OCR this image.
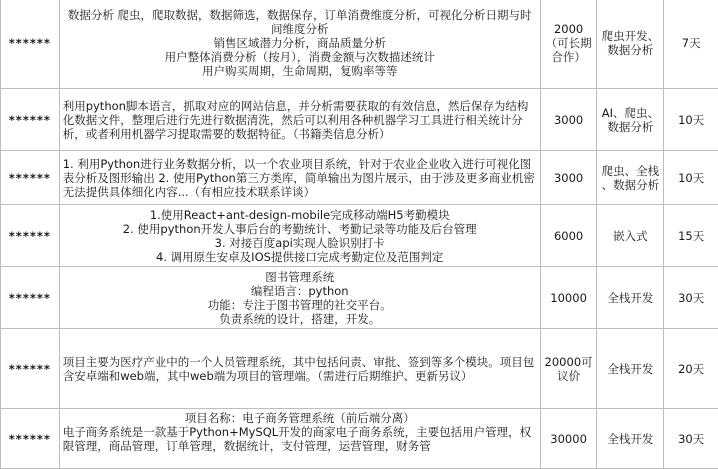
******	数据分析 爬虫，爬取数据，数据筛选，数据保存，订单消费维度分析，可视化分析日期与时间维度分析
销售区域潜力分析，商品质量分析
用户整体消费分析（按月），消费金额与次数描述统计
用户购买周期，生命周期，复购率等等	2000
（可长期
合作）	爬虫开发、
数据分析	7天
******	利用python脚本语言，抓取对应的网站信息，并分析需要获取的有效信息，然后保存为结构化数据文件，整理后进行先进行数据清洗，然后可以利用各种机器学习工具进行相关统计分析，或者利用机器学习提取需要的数据特征。（书籍类信息分析）	3000	AI、爬虫、
数据分析	10天
******	1. 利用Python进行业务数据分析，以一个农业项目系统，针对于农业企业收入进行可视化图表分析及图形输出 2. 使用Python第三方类库，简单输出为图片展示，由于涉及更多商业机密无法提供具体细化内容...（有相应技术联系详谈）	3000	爬虫、全栈
、数据分析	10天
******	1.使用React+ant-design-mobile完成移动端H5考勤模块
2. 使用python开发人事后台的考勤统计、考勤记录等功能及后台管理
3. 对接百度api实现人脸识别打卡
4. 调用原生安卓及IOS提供接口完成考勤定位及范围判定	6000	嵌入式	15天
******	图书管理系统
编程语言：python
功能：专注于图书管理的社交平台。
负责系统的设计，搭建，开发。	10000	全栈开发	30天
******	项目主要为医疗产业中的一个人员管理系统，其中包括问责、审批、签到等多个模块。项目包含安卓端和web端，其中web端为项目的管理端。（需进行后期维护、更新另议）	20000可
议价	全栈开发	20天
******	项目名称：电子商务管理系统（前后端分离）
电子商务系统是一款基于Python+MySQL开发的商家电子商务系统，主要包括用户管理，权限管理，商品管理，订单管理，数据统计，支付管理，运营管理，财务管	30000	全栈开发	30天
